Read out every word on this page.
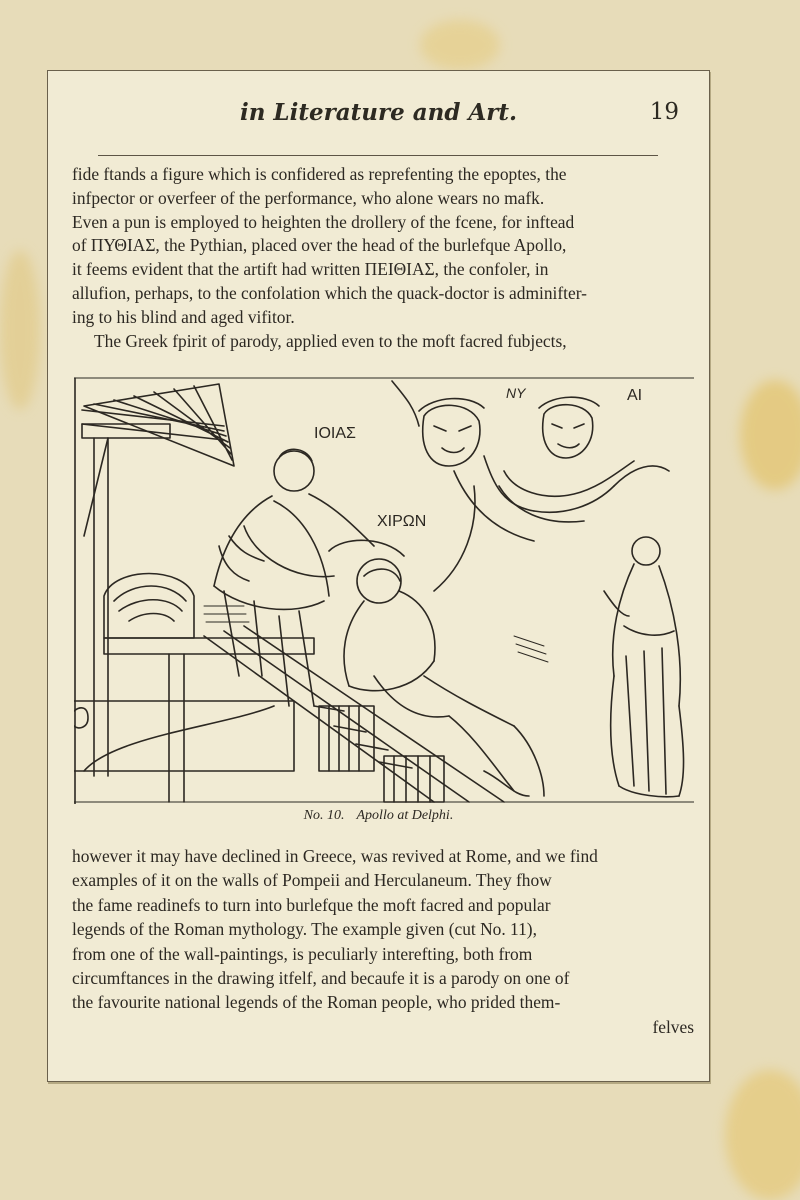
in Literature and Art.	19

fide ftands a figure which is confidered as reprefenting the epoptes, the

infpector or overfeer of the performance, who alone wears no mafk.

Even a pun is employed to heighten the drollery of the fcene, for inftead

of ΠΥΘΙΑΣ, the Pythian, placed over the head of the burlefque Apollo,

it feems evident that the artift had written ΠΕΙΘΙΑΣ, the confoler, in

allufion, perhaps, to the confolation which the quack-doctor is adminifter-

ing to his blind and aged vifitor.

The Greek fpirit of parody, applied even to the moft facred fubjects,

IOIAΣ
XIPΩN
NY	AI
No. 10. Apollo at Delphi.

however it may have declined in Greece, was revived at Rome, and we find

examples of it on the walls of Pompeii and Herculaneum. They fhow

the fame readinefs to turn into burlefque the moft facred and popular

legends of the Roman mythology. The example given (cut No. 11),

from one of the wall-paintings, is peculiarly interefting, both from

circumftances in the drawing itfelf, and becaufe it is a parody on one of

the favourite national legends of the Roman people, who prided them-

felves
